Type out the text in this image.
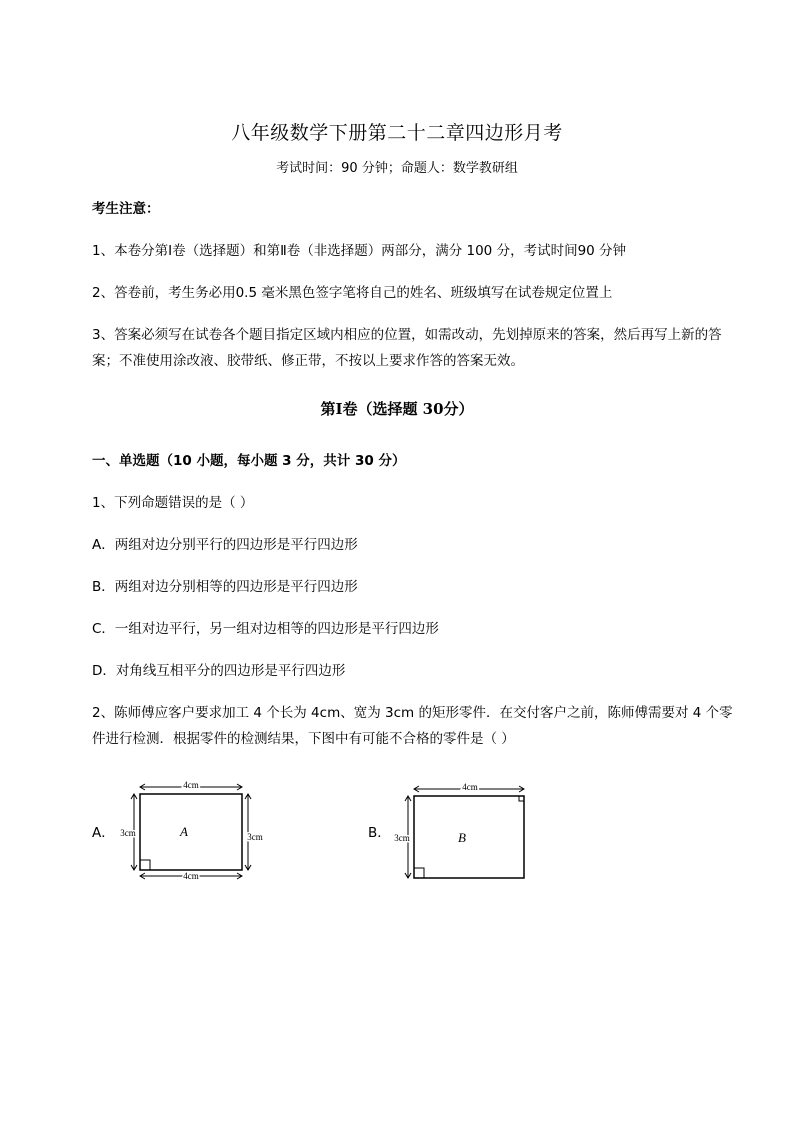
八年级数学下册第二十二章四边形月考
考试时间：90 分钟；命题人：数学教研组
考生注意：
1、本卷分第Ⅰ卷（选择题）和第Ⅱ卷（非选择题）两部分，满分 100 分，考试时间90 分钟
2、答卷前，考生务必用0.5 毫米黑色签字笔将自己的姓名、班级填写在试卷规定位置上
3、答案必须写在试卷各个题目指定区域内相应的位置，如需改动，先划掉原来的答案，然后再写上新的答案；不准使用涂改液、胶带纸、修正带，不按以上要求作答的答案无效。
第Ⅰ卷（选择题 30分）
一、单选题（10 小题，每小题 3 分，共计 30 分）
1、下列命题错误的是（ ）
A．两组对边分别平行的四边形是平行四边形
B．两组对边分别相等的四边形是平行四边形
C．一组对边平行，另一组对边相等的四边形是平行四边形
D．对角线互相平分的四边形是平行四边形
2、陈师傅应客户要求加工 4 个长为 4cm、宽为 3cm 的矩形零件．在交付客户之前，陈师傅需要对 4 个零件进行检测．根据零件的检测结果，下图中有可能不合格的零件是（ ）
A．
4cm
4cm
3cm	3cm
A	B．
4cm
3cm	B
